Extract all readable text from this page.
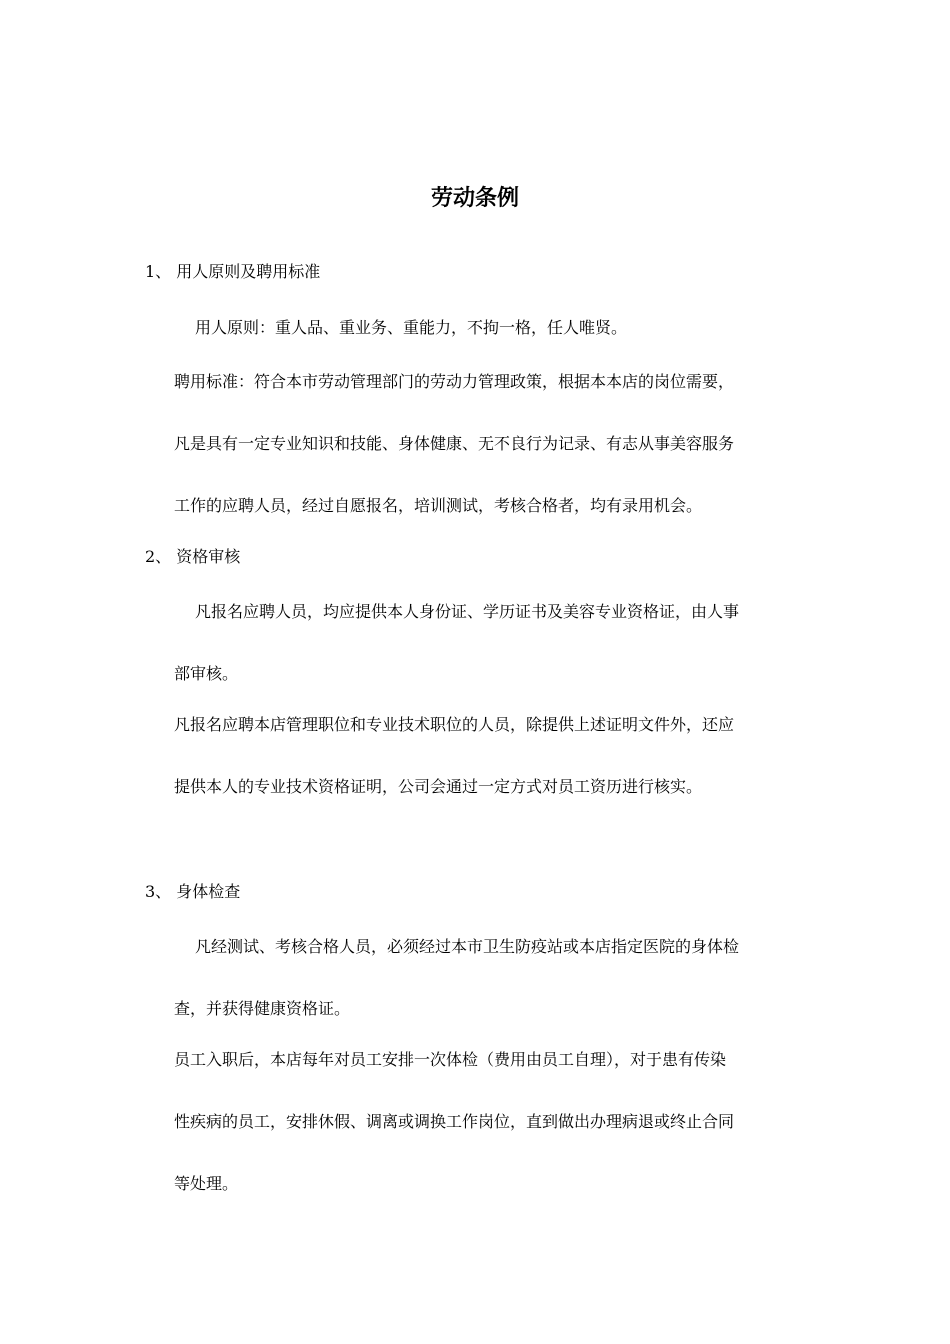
劳动条例
1、 用人原则及聘用标准
用人原则：重人品、重业务、重能力，不拘一格，任人唯贤。
聘用标准：符合本市劳动管理部门的劳动力管理政策，根据本本店的岗位需要，
凡是具有一定专业知识和技能、身体健康、无不良行为记录、有志从事美容服务
工作的应聘人员，经过自愿报名，培训测试，考核合格者，均有录用机会。
2、 资格审核
凡报名应聘人员，均应提供本人身份证、学历证书及美容专业资格证，由人事
部审核。
凡报名应聘本店管理职位和专业技术职位的人员，除提供上述证明文件外，还应
提供本人的专业技术资格证明，公司会通过一定方式对员工资历进行核实。
3、 身体检查
凡经测试、考核合格人员，必须经过本市卫生防疫站或本店指定医院的身体检
查，并获得健康资格证。
员工入职后，本店每年对员工安排一次体检（费用由员工自理），对于患有传染
性疾病的员工，安排休假、调离或调换工作岗位，直到做出办理病退或终止合同
等处理。
